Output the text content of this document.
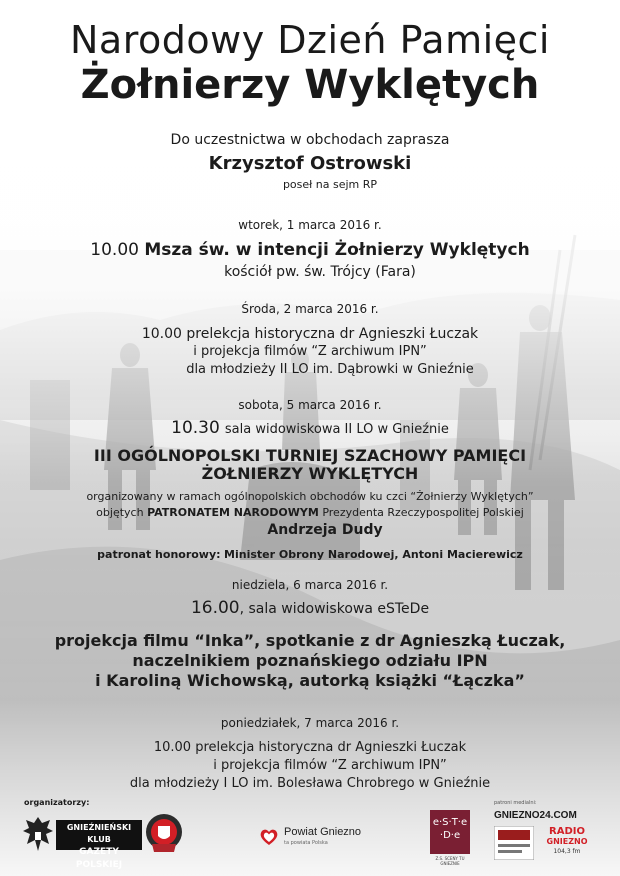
Narodowy Dzień Pamięci
Żołnierzy Wyklętych
Do uczestnictwa w obchodach zaprasza
Krzysztof Ostrowski
poseł na sejm RP
wtorek, 1 marca 2016 r.
10.00 Msza św. w intencji Żołnierzy Wyklętych
kościół pw. św. Trójcy (Fara)
Środa, 2 marca 2016 r.
10.00 prelekcja historyczna dr Agnieszki Łuczak
i projekcja filmów “Z archiwum IPN”
dla młodzieży II LO im. Dąbrowki w Gnieźnie
sobota, 5 marca 2016 r.
10.30 sala widowiskowa II LO w Gnieźnie
III OGÓLNOPOLSKI TURNIEJ SZACHOWY PAMIĘCI
ŻOŁNIERZY WYKLĘTYCH
organizowany w ramach ogólnopolskich obchodów ku czci “Żołnierzy Wyklętych”
objętych PATRONATEM NARODOWYM Prezydenta Rzeczypospolitej Polskiej
Andrzeja Dudy
patronat honorowy: Minister Obrony Narodowej, Antoni Macierewicz
niedziela, 6 marca 2016 r.
16.00, sala widowiskowa eSTeDe
projekcja filmu “Inka”, spotkanie z dr Agnieszką Łuczak,
naczelnikiem poznańskiego odziału IPN
i Karoliną Wichowską, autorką książki “Łączka”
poniedziałek, 7 marca 2016 r.
10.00 prelekcja historyczna dr Agnieszki Łuczak
i projekcja filmów “Z archiwum IPN”
dla młodzieży I LO im. Bolesława Chrobrego w Gnieźnie
organizatorzy:
GNIEŹNIEŃSKI KLUB
GAZETY POLSKIEJ
Powiat Gniezno
ta powiata Polska
e·S·T·e·D·e
Z.S. SCENY TU GNIEZNIE
patroni medialni:
GNIEZNO24.COM
RADIO
GNIEZNO
104,3 fm
